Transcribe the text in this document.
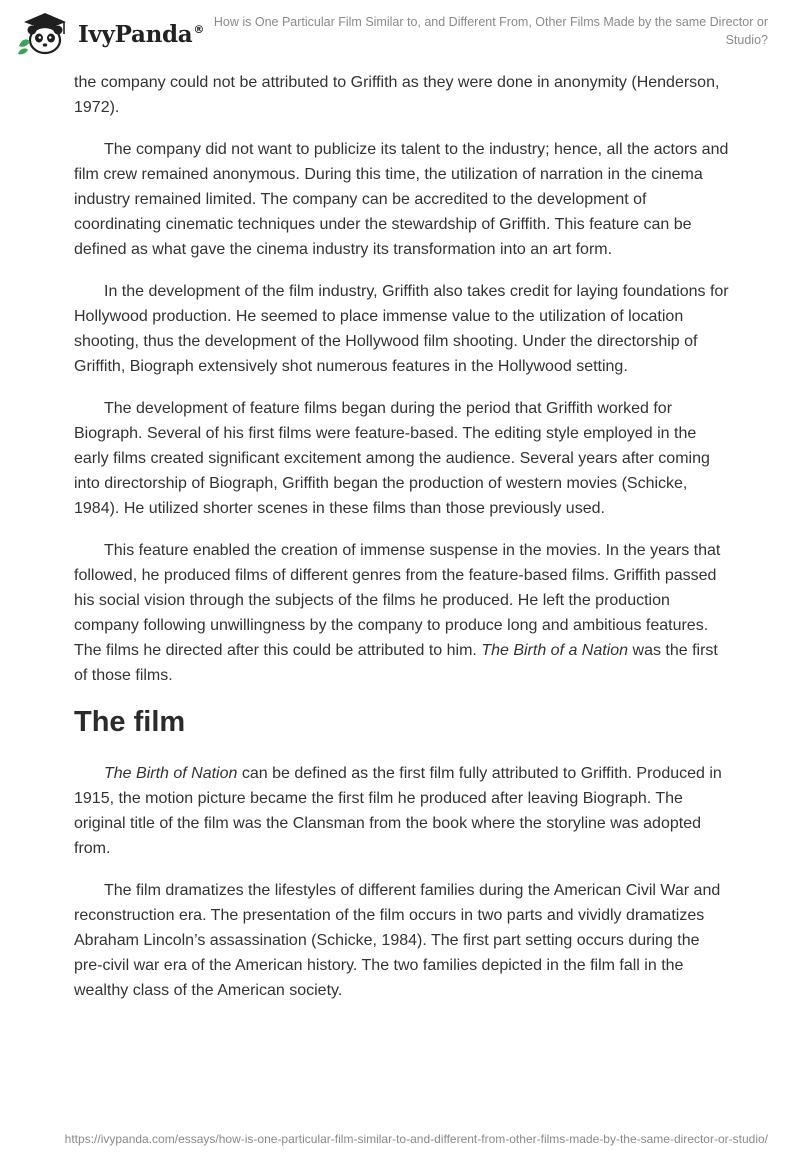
IvyPanda® How is One Particular Film Similar to, and Different From, Other Films Made by the same Director or Studio?

the company could not be attributed to Griffith as they were done in anonymity (Henderson, 1972).

The company did not want to publicize its talent to the industry; hence, all the actors and film crew remained anonymous. During this time, the utilization of narration in the cinema industry remained limited. The company can be accredited to the development of coordinating cinematic techniques under the stewardship of Griffith. This feature can be defined as what gave the cinema industry its transformation into an art form.

In the development of the film industry, Griffith also takes credit for laying foundations for Hollywood production. He seemed to place immense value to the utilization of location shooting, thus the development of the Hollywood film shooting. Under the directorship of Griffith, Biograph extensively shot numerous features in the Hollywood setting.

The development of feature films began during the period that Griffith worked for Biograph. Several of his first films were feature-based. The editing style employed in the early films created significant excitement among the audience. Several years after coming into directorship of Biograph, Griffith began the production of western movies (Schicke, 1984). He utilized shorter scenes in these films than those previously used.

This feature enabled the creation of immense suspense in the movies. In the years that followed, he produced films of different genres from the feature-based films. Griffith passed his social vision through the subjects of the films he produced. He left the production company following unwillingness by the company to produce long and ambitious features. The films he directed after this could be attributed to him. The Birth of a Nation was the first of those films.

The film

The Birth of Nation can be defined as the first film fully attributed to Griffith. Produced in 1915, the motion picture became the first film he produced after leaving Biograph. The original title of the film was the Clansman from the book where the storyline was adopted from.

The film dramatizes the lifestyles of different families during the American Civil War and reconstruction era. The presentation of the film occurs in two parts and vividly dramatizes Abraham Lincoln’s assassination (Schicke, 1984). The first part setting occurs during the pre-civil war era of the American history. The two families depicted in the film fall in the wealthy class of the American society.

https://ivypanda.com/essays/how-is-one-particular-film-similar-to-and-different-from-other-films-made-by-the-same-director-or-studio/
